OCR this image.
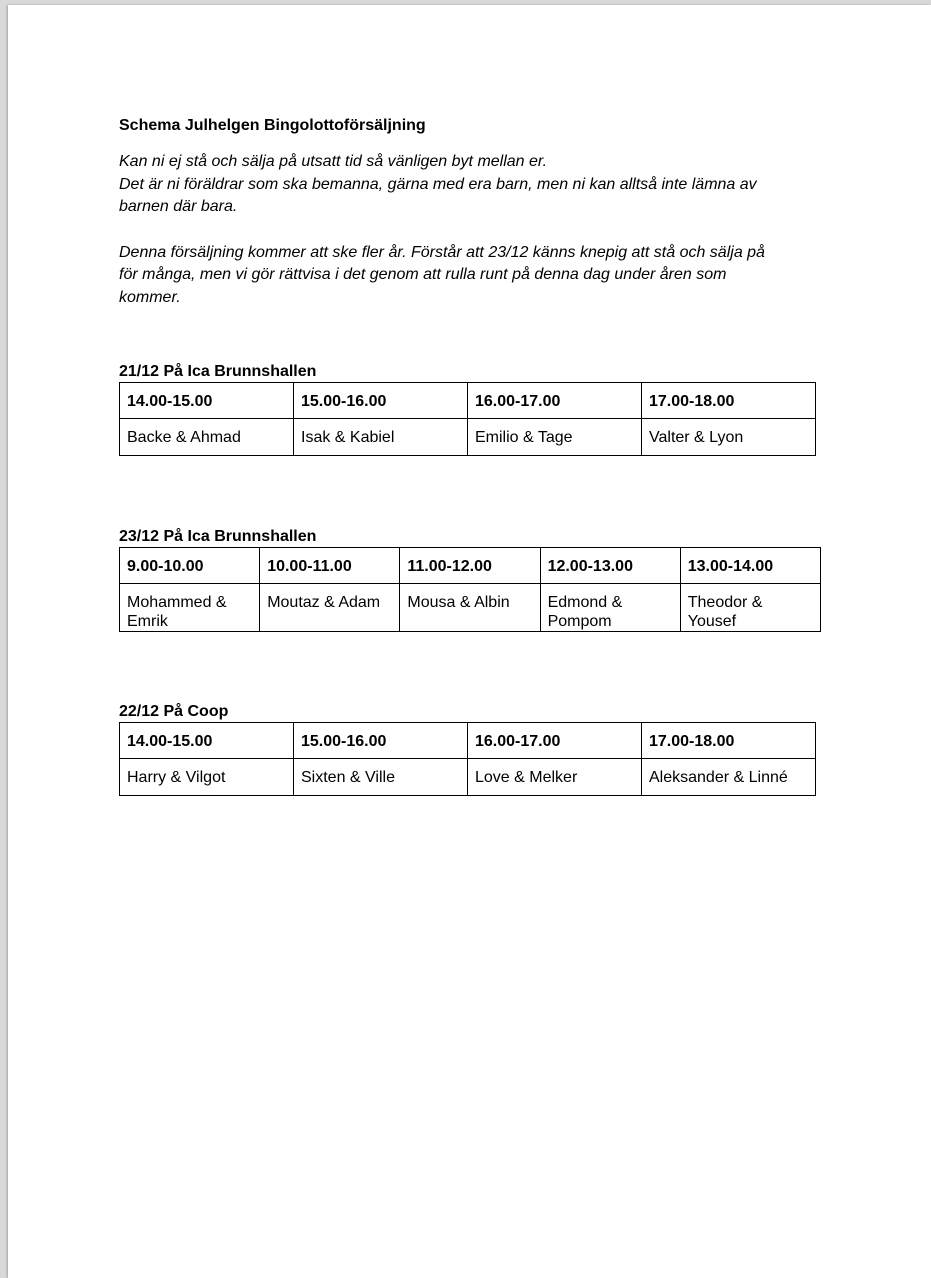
Schema Julhelgen Bingolottoförsäljning

Kan ni ej stå och sälja på utsatt tid så vänligen byt mellan er.
Det är ni föräldrar som ska bemanna, gärna med era barn, men ni kan alltså inte lämna av
barnen där bara.

Denna försäljning kommer att ske fler år. Förstår att 23/12 känns knepig att stå och sälja på
för många, men vi gör rättvisa i det genom att rulla runt på denna dag under åren som
kommer.

21/12 På Ica Brunnshallen

14.00-15.00	15.00-16.00	16.00-17.00	17.00-18.00
Backe & Ahmad	Isak & Kabiel	Emilio & Tage	Valter & Lyon

23/12 På Ica Brunnshallen

9.00-10.00	10.00-11.00	11.00-12.00	12.00-13.00	13.00-14.00
Mohammed & Emrik	Moutaz & Adam	Mousa & Albin	Edmond & Pompom	Theodor & Yousef

22/12 På Coop

14.00-15.00	15.00-16.00	16.00-17.00	17.00-18.00
Harry & Vilgot	Sixten & Ville	Love & Melker	Aleksander & Linné
